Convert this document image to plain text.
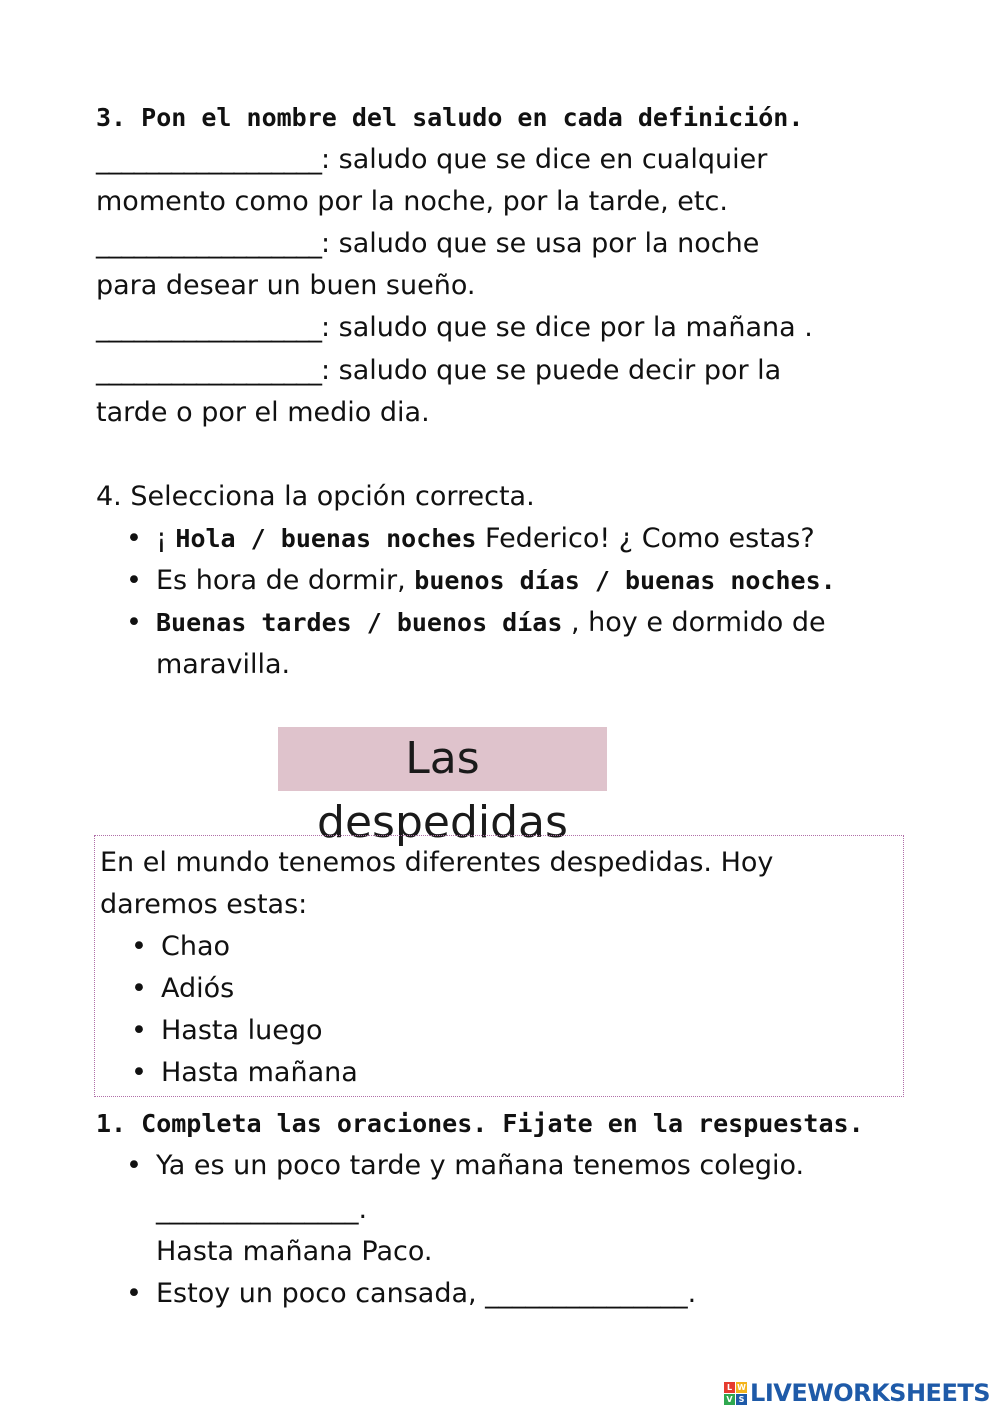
3. Pon el nombre del saludo en cada definición.
__________________: saludo que se dice en cualquier
momento como por la noche, por la tarde, etc.
__________________: saludo que se usa por la noche
para desear un buen sueño.
__________________: saludo que se dice por la mañana .
__________________: saludo que se puede decir por la
tarde o por el medio dia.
4. Selecciona la opción correcta.
• ¡ Hola / buenas noches Federico! ¿ Como estas?
• Es hora de dormir, buenos días / buenas noches.
• Buenas tardes / buenos días , hoy e dormido de
maravilla.
Las despedidas
En el mundo tenemos diferentes despedidas. Hoy
daremos estas:
• Chao
• Adiós
• Hasta luego
• Hasta mañana
1. Completa las oraciones. Fijate en la respuestas.
• Ya es un poco tarde y mañana tenemos colegio.
_______________.
Hasta mañana Paco.
• Estoy un poco cansada, _______________.
L W
V S LIVEWORKSHEETS
